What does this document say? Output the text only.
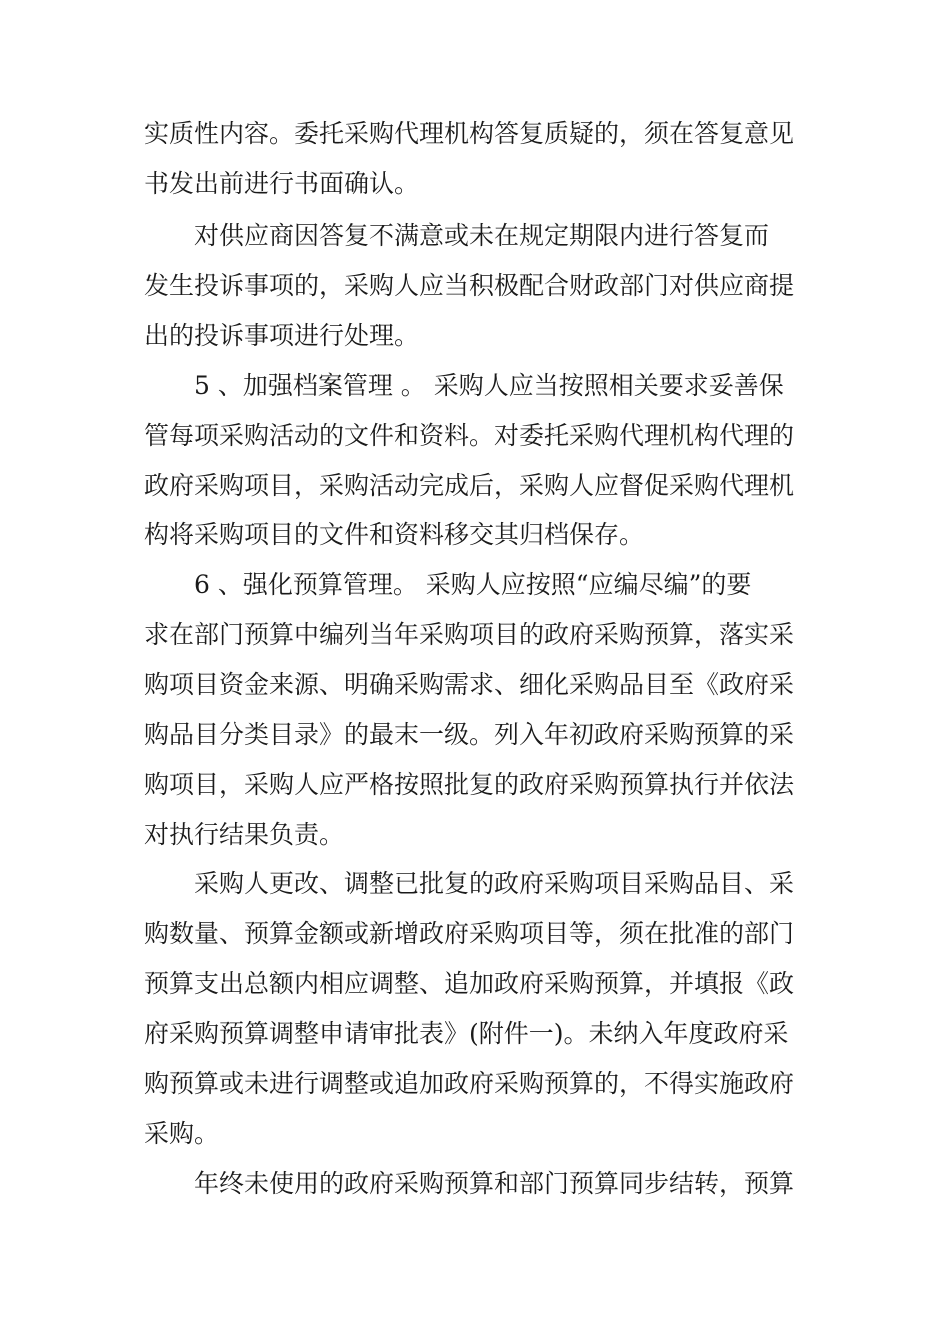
实质性内容。委托采购代理机构答复质疑的，须在答复意见
书发出前进行书面确认。
对供应商因答复不满意或未在规定期限内进行答复而
发生投诉事项的，采购人应当积极配合财政部门对供应商提
出的投诉事项进行处理。
5 、加强档案管理 。 采购人应当按照相关要求妥善保
管每项采购活动的文件和资料。对委托采购代理机构代理的
政府采购项目，采购活动完成后，采购人应督促采购代理机
构将采购项目的文件和资料移交其归档保存。
6 、强化预算管理。 采购人应按照“应编尽编”的要
求在部门预算中编列当年采购项目的政府采购预算，落实采
购项目资金来源、明确采购需求、细化采购品目至《政府采
购品目分类目录》的最末一级。列入年初政府采购预算的采
购项目，采购人应严格按照批复的政府采购预算执行并依法
对执行结果负责。
采购人更改、调整已批复的政府采购项目采购品目、采
购数量、预算金额或新增政府采购项目等，须在批准的部门
预算支出总额内相应调整、追加政府采购预算，并填报《政
府采购预算调整申请审批表》(附件一)。未纳入年度政府采
购预算或未进行调整或追加政府采购预算的，不得实施政府
采购。
年终未使用的政府采购预算和部门预算同步结转，预算
